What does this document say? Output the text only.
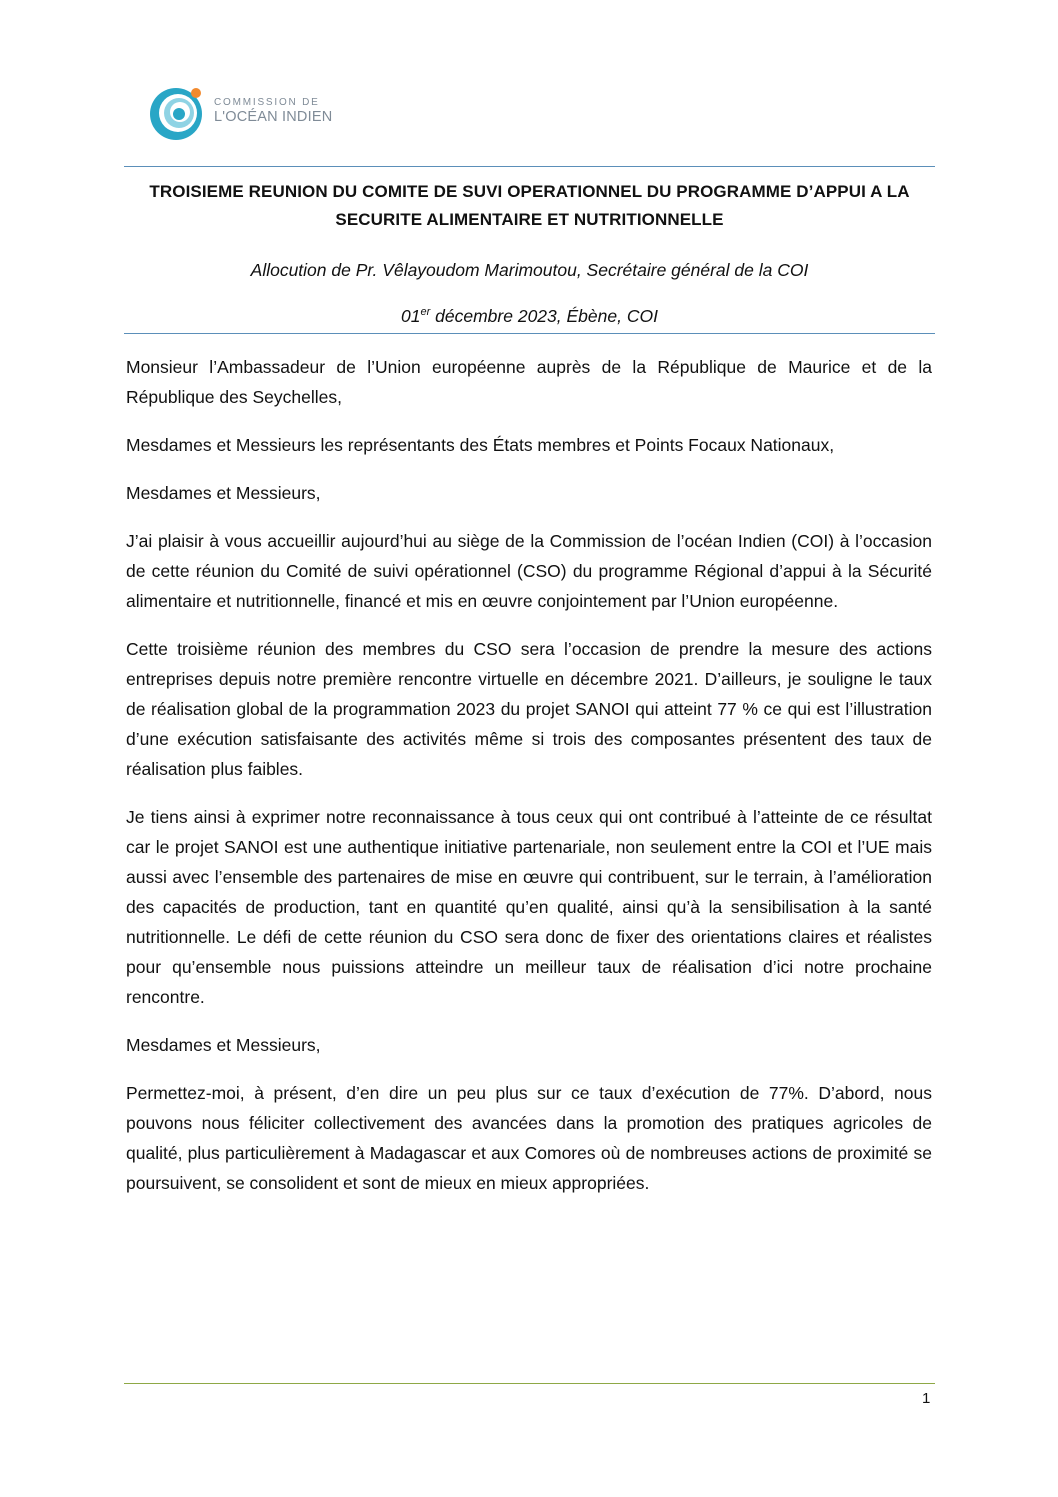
COMMISSION DE
L'OCÉAN INDIEN
TROISIEME REUNION DU COMITE DE SUVI OPERATIONNEL DU PROGRAMME D’APPUI A LA SECURITE ALIMENTAIRE ET NUTRITIONNELLE
Allocution de Pr. Vêlayoudom Marimoutou, Secrétaire général de la COI
01er décembre 2023, Ébène, COI

Monsieur l’Ambassadeur de l’Union européenne auprès de la République de Maurice et de la République des Seychelles,

Mesdames et Messieurs les représentants des États membres et Points Focaux Nationaux,

Mesdames et Messieurs,

J’ai plaisir à vous accueillir aujourd’hui au siège de la Commission de l’océan Indien (COI) à l’occasion de cette réunion du Comité de suivi opérationnel (CSO) du programme Régional d’appui à la Sécurité alimentaire et nutritionnelle, financé et mis en œuvre conjointement par l’Union européenne.

Cette troisième réunion des membres du CSO sera l’occasion de prendre la mesure des actions entreprises depuis notre première rencontre virtuelle en décembre 2021. D’ailleurs, je souligne le taux de réalisation global de la programmation 2023 du projet SANOI qui atteint 77 % ce qui est l’illustration d’une exécution satisfaisante des activités même si trois des composantes présentent des taux de réalisation plus faibles.

Je tiens ainsi à exprimer notre reconnaissance à tous ceux qui ont contribué à l’atteinte de ce résultat car le projet SANOI est une authentique initiative partenariale, non seulement entre la COI et l’UE mais aussi avec l’ensemble des partenaires de mise en œuvre qui contribuent, sur le terrain, à l’amélioration des capacités de production, tant en quantité qu’en qualité, ainsi qu’à la sensibilisation à la santé nutritionnelle. Le défi de cette réunion du CSO sera donc de fixer des orientations claires et réalistes pour qu’ensemble nous puissions atteindre un meilleur taux de réalisation d’ici notre prochaine rencontre.

Mesdames et Messieurs,

Permettez-moi, à présent, d’en dire un peu plus sur ce taux d’exécution de 77%. D’abord, nous pouvons nous féliciter collectivement des avancées dans la promotion des pratiques agricoles de qualité, plus particulièrement à Madagascar et aux Comores où de nombreuses actions de proximité se poursuivent, se consolident et sont de mieux en mieux appropriées.

1
